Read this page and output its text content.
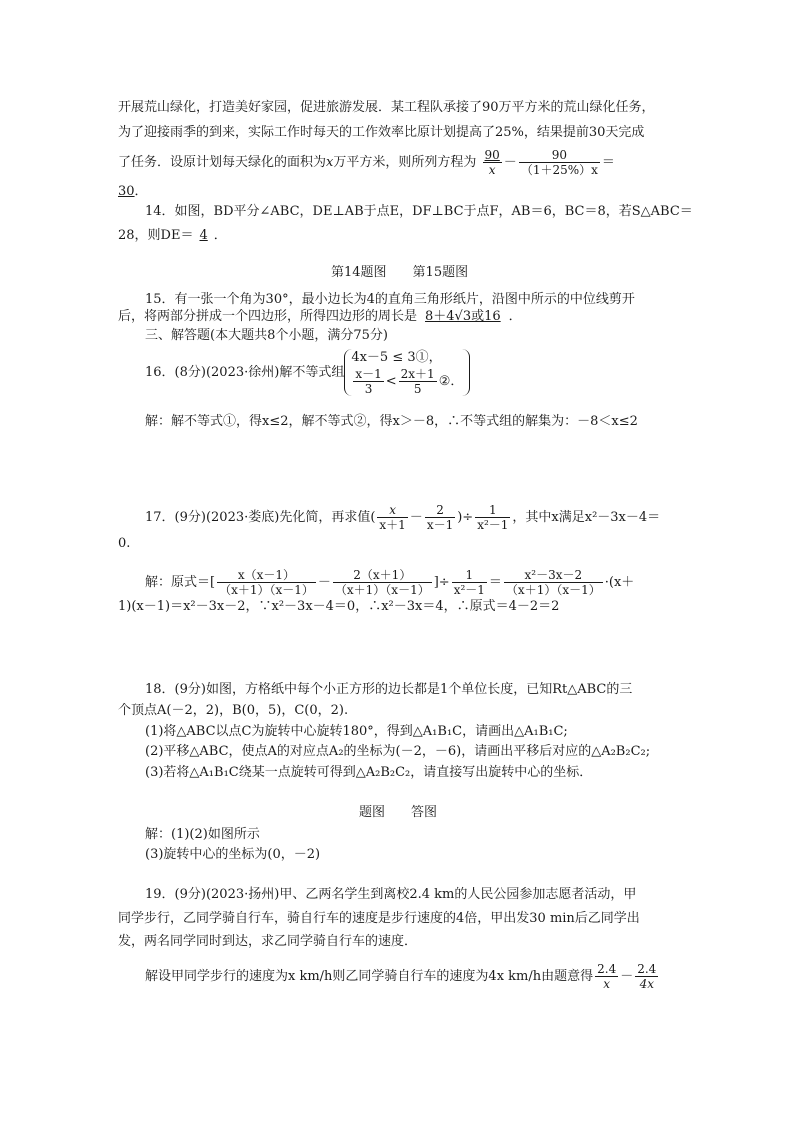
开展荒山绿化，打造美好家园，促进旅游发展．某工程队承接了90万平方米的荒山绿化任务，
为了迎接雨季的到来，实际工作时每天的工作效率比原计划提高了25%，结果提前30天完成
了任务．设原计划每天绿化的面积为x万平方米，则所列方程为 $\frac{90}{x} - \frac{90}{(1+25\%)x}$ ＝
30．
14．如图，BD平分∠ABC，DE⊥AB于点E，DF⊥BC于点F，AB＝6，BC＝8，若S△ABC＝
28，则DE＝ 4 ．
第14题图　　第15题图
15．有一张一个角为30°，最小边长为4的直角三角形纸片，沿图中所示的中位线剪开
后，将两部分拼成一个四边形，所得四边形的周长是 8＋4√3或16 ．
三、解答题(本大题共8个小题，满分75分)
16．(8分)(2023·徐州)解不等式组
4x－5 ≤ 3①，
$\frac{x-1}{3} < \frac{2x+1}{5}$ ②．
解：解不等式①，得x≤2，解不等式②，得x＞－8，∴不等式组的解集为：－8＜x≤2
17．(9分)(2023·娄底)先化简，再求值( $\frac{x}{x+1} - \frac{2}{x-1}$ )÷ $\frac{1}{\text{x²－1}}$ ，其中x满足x²－3x－4＝
0.
解：原式＝[ $\frac{x(x-1)}{(x+1)(x-1)} - \frac{2(x+1)}{(x+1)(x-1)}$ ]÷ $\frac{1}{\text{x²－1}} = \frac{\text{x²－3x－2}}{(x+1)(x-1)} \cdot(x+$
1)(x－1)＝x²－3x－2，∵x²－3x－4＝0，∴x²－3x＝4，∴原式＝4－2＝2
18．(9分)如图，方格纸中每个小正方形的边长都是1个单位长度，已知Rt△ABC的三
个顶点A(－2，2)，B(0，5)，C(0，2).
(1)将△ABC以点C为旋转中心旋转180°，得到△A₁B₁C，请画出△A₁B₁C;
(2)平移△ABC，使点A的对应点A₂的坐标为(－2，－6)，请画出平移后对应的△A₂B₂C₂;
(3)若将△A₁B₁C绕某一点旋转可得到△A₂B₂C₂，请直接写出旋转中心的坐标．
题图　　答图
解：(1)(2)如图所示
(3)旋转中心的坐标为(0，－2)
19．(9分)(2023·扬州)甲、乙两名学生到离校2.4 km的人民公园参加志愿者活动，甲
同学步行，乙同学骑自行车，骑自行车的速度是步行速度的4倍，甲出发30 min后乙同学出
发，两名同学同时到达，求乙同学骑自行车的速度．
解设甲同学步行的速度为x km/h则乙同学骑自行车的速度为4x km/h由题意得 $\frac{2.4}{x} - \frac{2.4}{4x}$
